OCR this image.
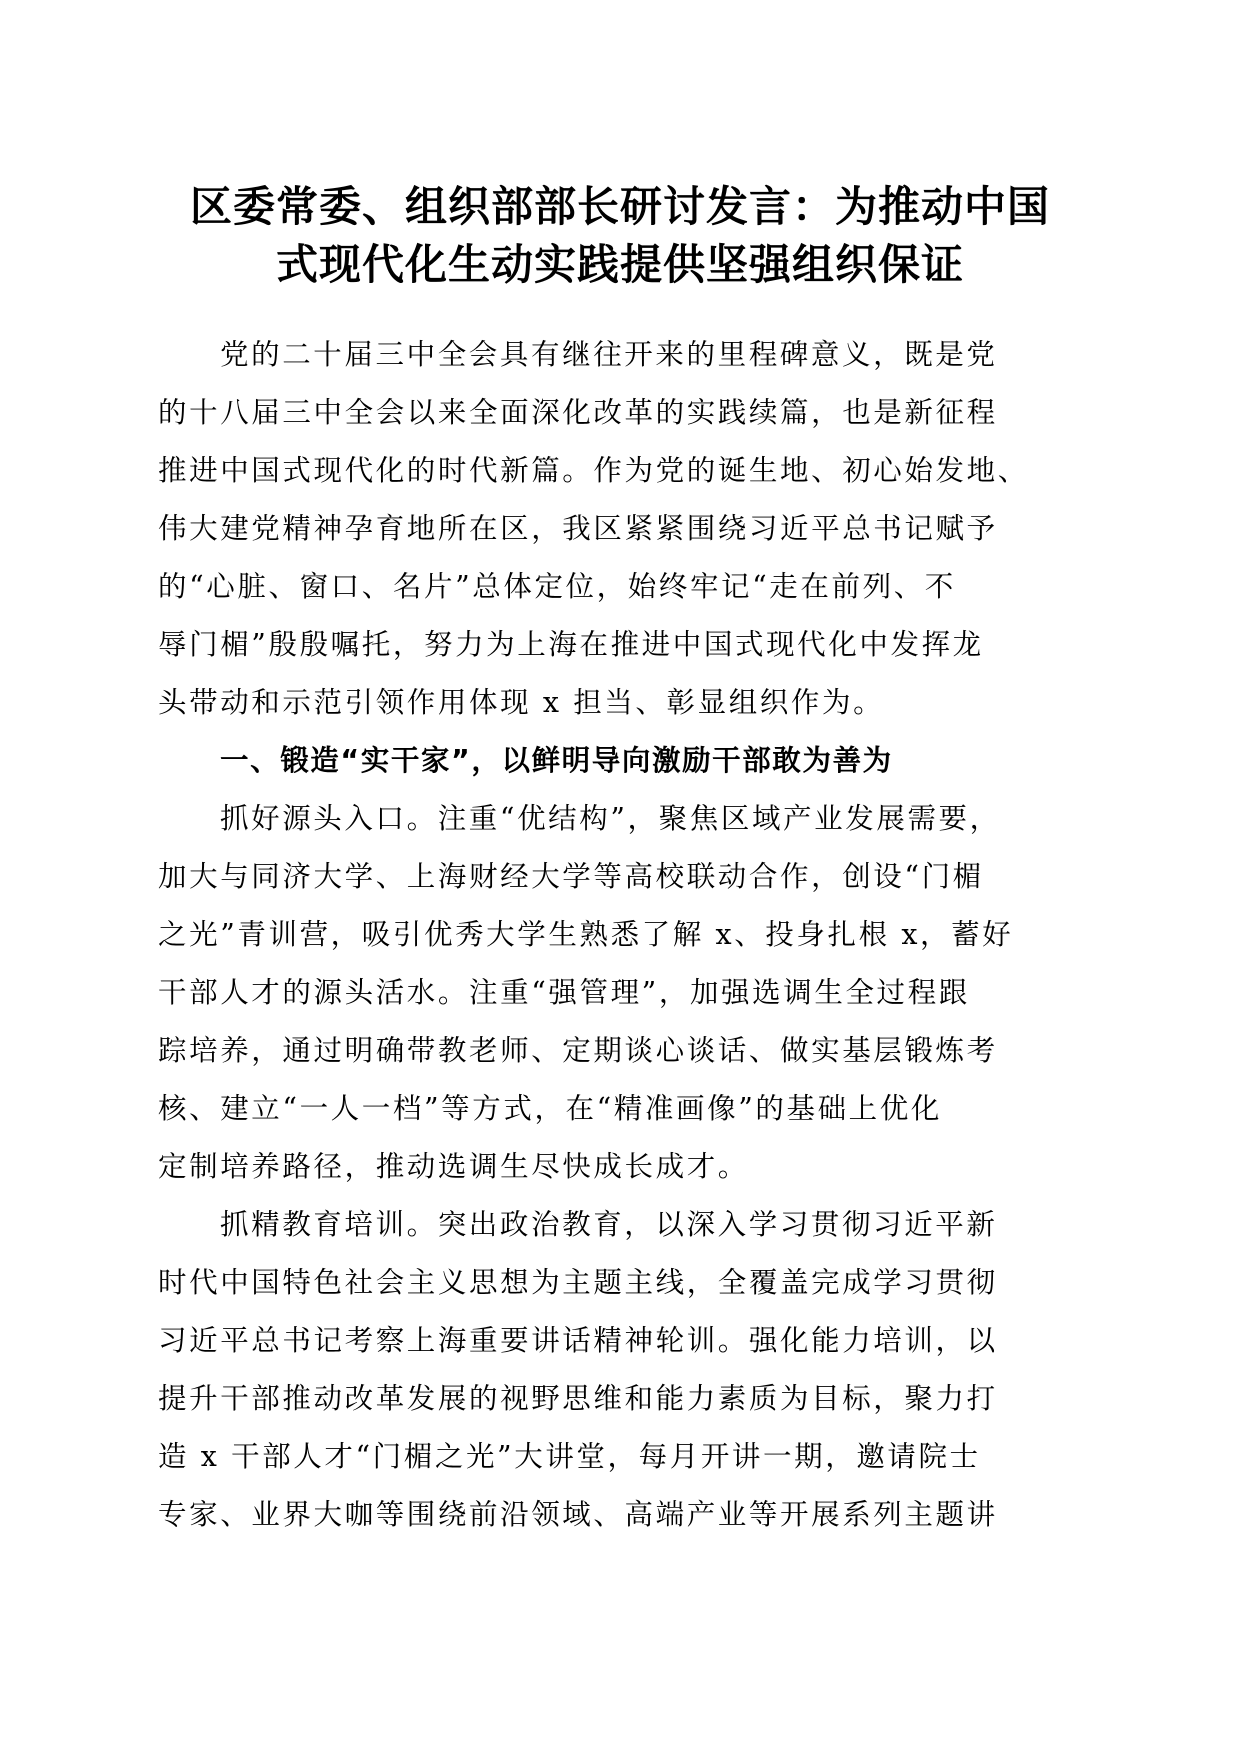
区委常委、组织部部长研讨发言：为推动中国
式现代化生动实践提供坚强组织保证

党的二十届三中全会具有继往开来的里程碑意义，既是党
的十八届三中全会以来全面深化改革的实践续篇，也是新征程
推进中国式现代化的时代新篇。作为党的诞生地、初心始发地、
伟大建党精神孕育地所在区，我区紧紧围绕习近平总书记赋予
的“心脏、窗口、名片”总体定位，始终牢记“走在前列、不
辱门楣”殷殷嘱托，努力为上海在推进中国式现代化中发挥龙
头带动和示范引领作用体现 x 担当、彰显组织作为。

一、锻造“实干家”，以鲜明导向激励干部敢为善为

抓好源头入口。注重“优结构”，聚焦区域产业发展需要，
加大与同济大学、上海财经大学等高校联动合作，创设“门楣
之光”青训营，吸引优秀大学生熟悉了解 x、投身扎根 x，蓄好
干部人才的源头活水。注重“强管理”，加强选调生全过程跟
踪培养，通过明确带教老师、定期谈心谈话、做实基层锻炼考
核、建立“一人一档”等方式，在“精准画像”的基础上优化
定制培养路径，推动选调生尽快成长成才。

抓精教育培训。突出政治教育，以深入学习贯彻习近平新
时代中国特色社会主义思想为主题主线，全覆盖完成学习贯彻
习近平总书记考察上海重要讲话精神轮训。强化能力培训，以
提升干部推动改革发展的视野思维和能力素质为目标，聚力打
造 x 干部人才“门楣之光”大讲堂，每月开讲一期，邀请院士
专家、业界大咖等围绕前沿领域、高端产业等开展系列主题讲
